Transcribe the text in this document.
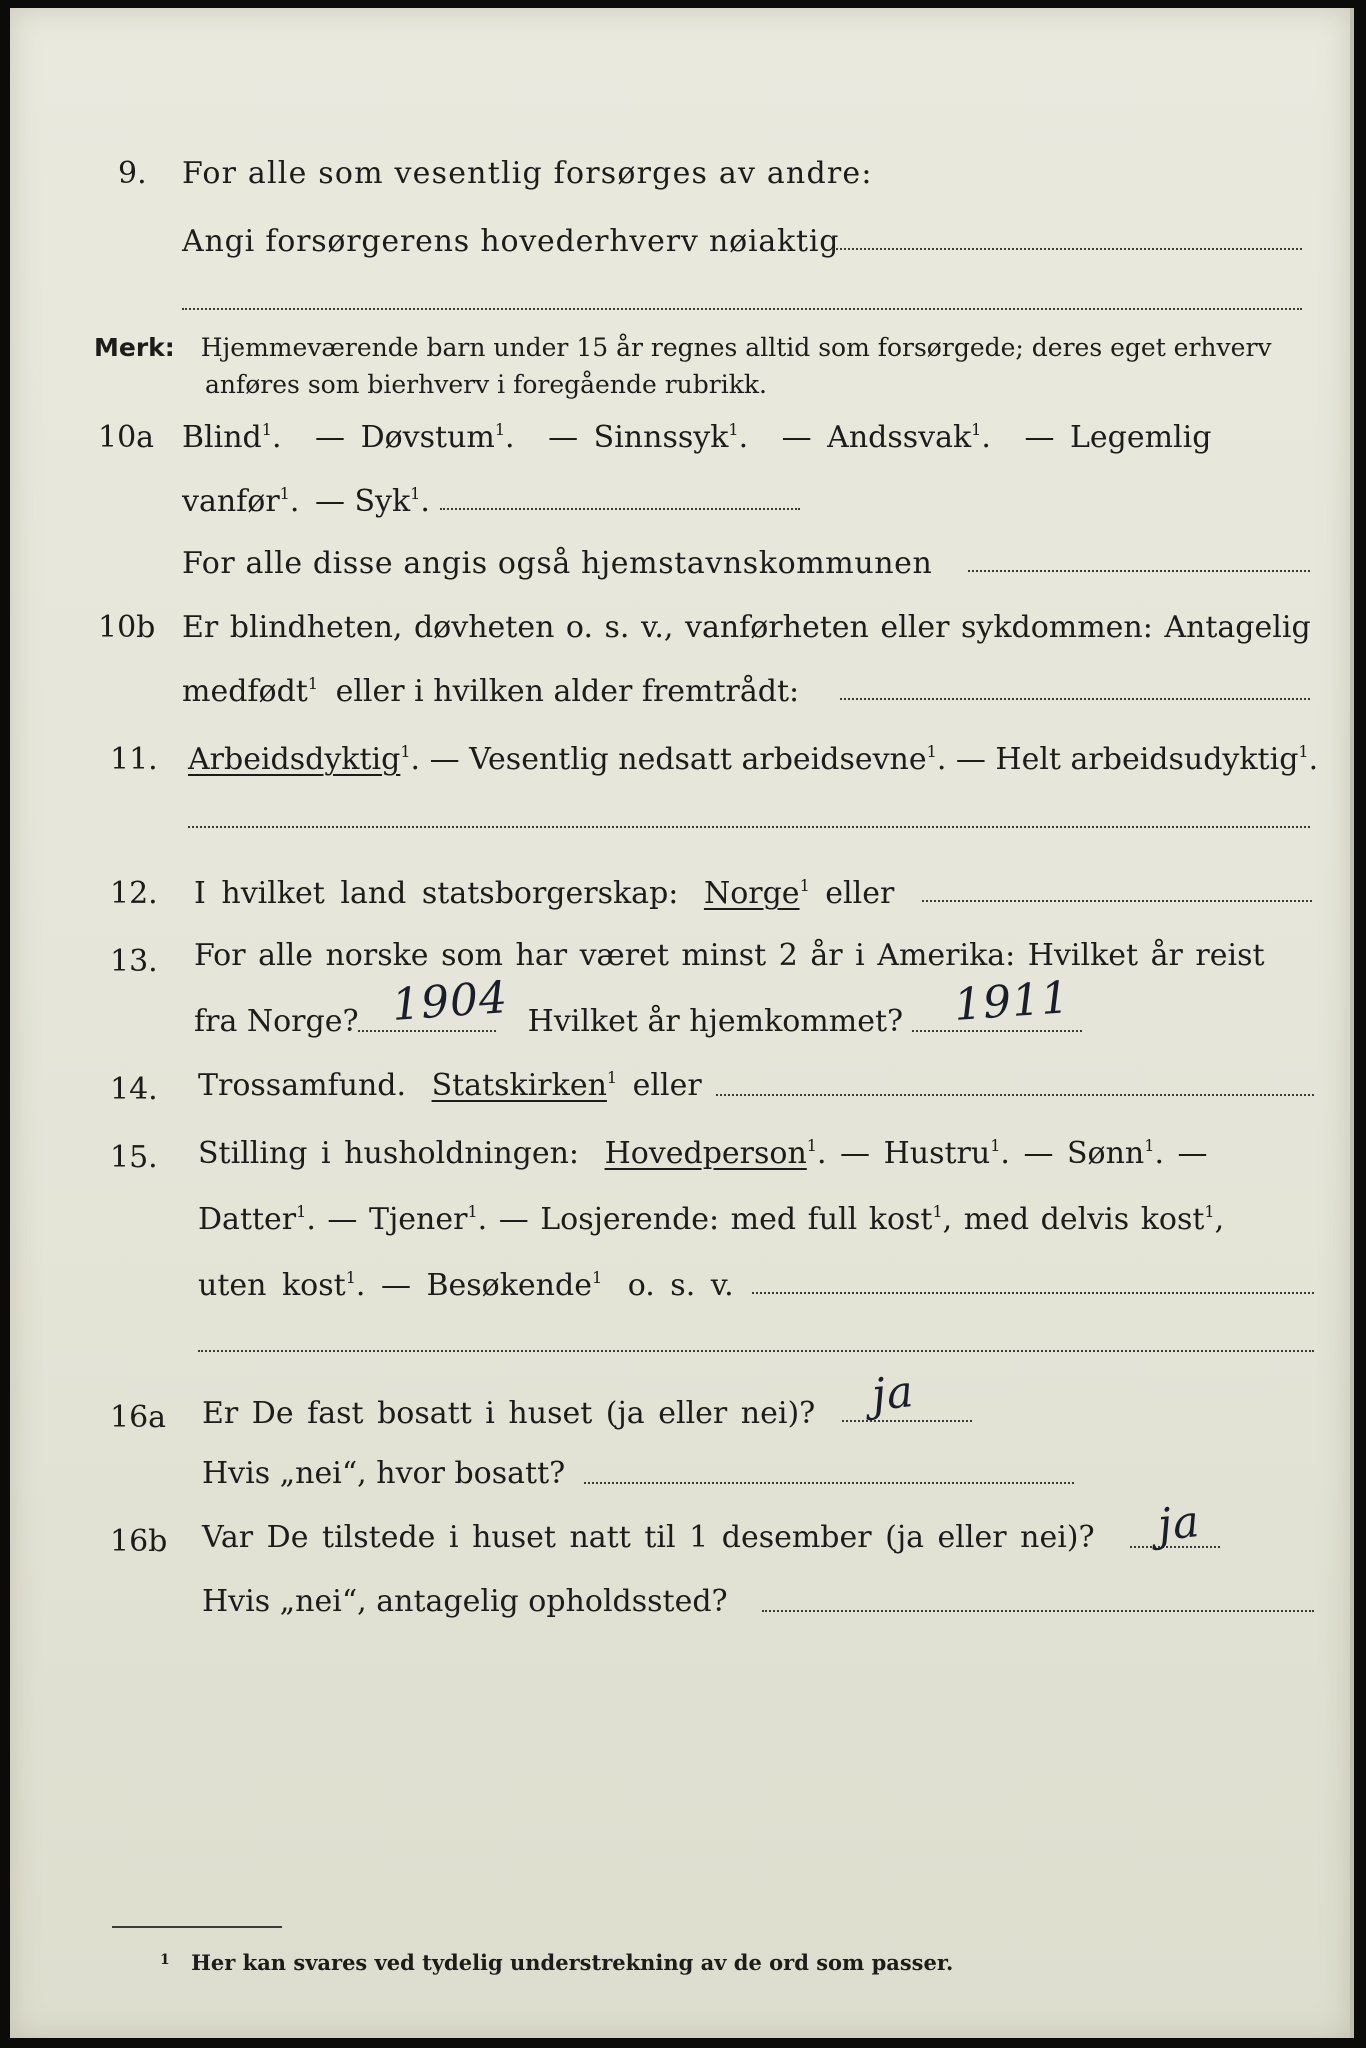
9. For alle som vesentlig forsørges av andre:
Angi forsørgerens hovederhverv nøiaktig
Merk: Hjemmeværende barn under 15 år regnes alltid som forsørgede; deres eget erhverv
anføres som bierhverv i foregående rubrikk.
10a Blind$^1$. — Døvstum$^1$. — Sinnssyk$^1$. — Andssvak$^1$. — Legemlig
vanfør$^1$. — Syk$^1$.
For alle disse angis også hjemstavnskommunen
10b Er blindheten, døvheten o. s. v., vanførheten eller sykdommen: Antagelig
medfødt$^1$ eller i hvilken alder fremtrådt:
11. Arbeidsdyktig$^1$. — Vesentlig nedsatt arbeidsevne$^1$. — Helt arbeidsudyktig$^1$.
12. I hvilket land statsborgerskap: Norge$^1$ eller
13. For alle norske som har været minst 2 år i Amerika: Hvilket år reist
fra Norge?	Hvilket år hjemkommet?
1904	1911
14. Trossamfund. Statskirken$^1$ eller
15. Stilling i husholdningen: Hovedperson$^1$. — Hustru$^1$. — Sønn$^1$. —
Datter$^1$. — Tjener$^1$. — Losjerende: med full kost$^1$, med delvis kost$^1$,
uten kost$^1$. — Besøkende$^1$ o. s. v.
16a Er De fast bosatt i huset (ja eller nei)? ja
Hvis „nei“, hvor bosatt?
16b Var De tilstede i huset natt til 1 desember (ja eller nei)? ja
Hvis „nei“, antagelig opholdssted?
$^1$ Her kan svares ved tydelig understrekning av de ord som passer.
